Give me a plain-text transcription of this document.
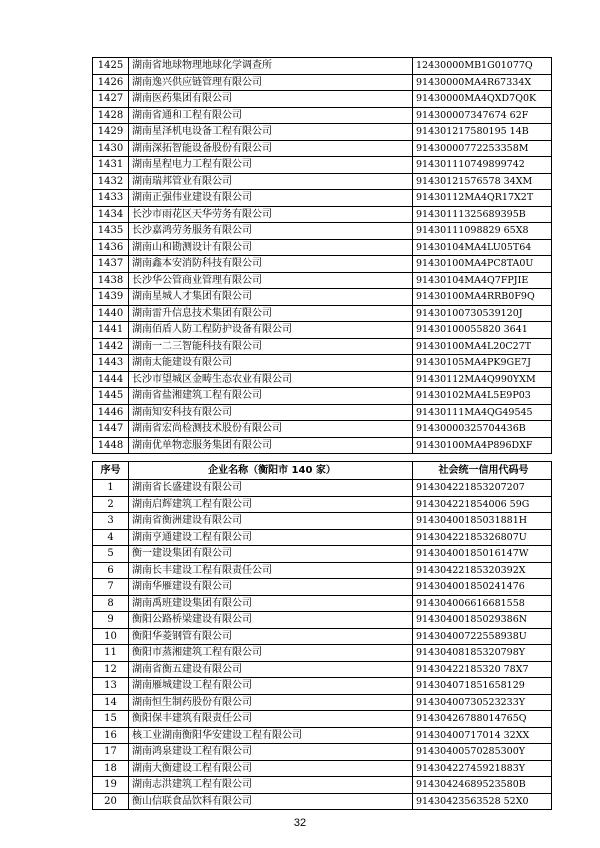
1425	湖南省地球物理地球化学调查所	12430000MB1G01077Q
1426	湖南逸兴供应链管理有限公司	91430000MA4R67334X
1427	湖南医药集团有限公司	91430000MA4QXD7Q0K
1428	湖南省通和工程有限公司	914300007347674 62F
1429	湖南星泽机电设备工程有限公司	914301217580195 14B
1430	湖南深拓智能设备股份有限公司	91430000772253358M
1431	湖南星程电力工程有限公司	914301110749899742
1432	湖南瑞邦管业有限公司	91430121576578 34XM
1433	湖南正强伟业建设有限公司	91430112MA4QR17X2T
1434	长沙市雨花区天华劳务有限公司	91430111325689395B
1435	长沙嘉鸿劳务服务有限公司	91430111098829 65X8
1436	湖南山和勘测设计有限公司	91430104MA4LU05T64
1437	湖南鑫本安消防科技有限公司	91430100MA4PC8TA0U
1438	长沙华公管商业管理有限公司	91430104MA4Q7FPJIE
1439	湖南星城人才集团有限公司	91430100MA4RRB0F9Q
1440	湖南雷升信息技术集团有限公司	91430100730539120J
1441	湖南佰盾人防工程防护设备有限公司	91430100055820 3641
1442	湖南一二三智能科技有限公司	91430100MA4L20C27T
1443	湖南太能建设有限公司	91430105MA4PK9GE7J
1444	长沙市望城区金畴生态农业有限公司	91430112MA4Q990YXM
1445	湖南省盐湘建筑工程有限公司	91430102MA4L5E9P03
1446	湖南知安科技有限公司	91430111MA4QG49545
1447	湖南省宏尚检测技术股份有限公司	91430000325704436B
1448	湖南优单物恋服务集团有限公司	91430100MA4P896DXF
序号	企业名称（衡阳市 140 家）	社会统一信用代码号
1	湖南省长盛建设有限公司	914304221853207207
2	湖南启辉建筑工程有限公司	914304221854006 59G
3	湖南省衡洲建设有限公司	91430400185031881H
4	湖南亨通建设工程有限公司	91430422185326807U
5	衡一建设集团有限公司	91430400185016147W
6	湖南长丰建设工程有限责任公司	91430422185320392X
7	湖南华雁建设有限公司	914304001850241476
8	湖南禹班建设集团有限公司	914304006616681558
9	衡阳公路桥梁建设有限公司	91430400185029386N
10	衡阳华菱钢管有限公司	91430400722558938U
11	衡阳市蒸湘建筑工程有限公司	91430408185320798Y
12	湖南省衡五建设有限公司	91430422185320 78X7
13	湖南雁城建设工程有限公司	914304071851658129
14	湖南恒生制药股份有限公司	91430400730523233Y
15	衡阳保丰建筑有限责任公司	91430426788014765Q
16	核工业湖南衡阳华安建设工程有限公司	91430400717014 32XX
17	湖南鸿泉建设工程有限公司	91430400570285300Y
18	湖南大衡建设工程有限公司	91430422745921883Y
19	湖南志洪建筑工程有限公司	91430424689523580B
20	衡山信联食品饮料有限公司	91430423563528 52X0
32
